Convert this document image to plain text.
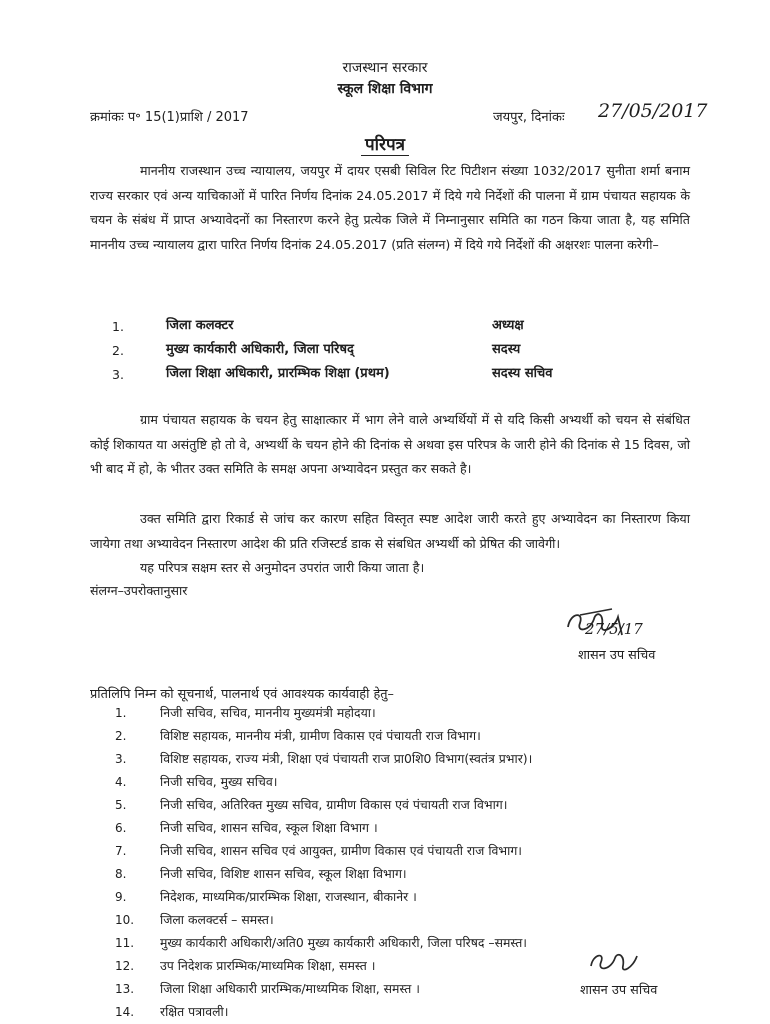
राजस्थान सरकार
स्कूल शिक्षा विभाग
क्रमांकः प॰ 15(1)प्राशि / 2017	जयपुर, दिनांकः 27/05/2017
परिपत्र
माननीय राजस्थान उच्च न्यायालय, जयपुर में दायर एसबी सिविल रिट पिटीशन संख्या 1032/2017 सुनीता शर्मा बनाम राज्य सरकार एवं अन्य याचिकाओं में पारित निर्णय दिनांक 24.05.2017 में दिये गये निर्देशों की पालना में ग्राम पंचायत सहायक के चयन के संबंध में प्राप्त अभ्यावेदनों का निस्तारण करने हेतु प्रत्येक जिले में निम्नानुसार समिति का गठन किया जाता है, यह समिति माननीय उच्च न्यायालय द्वारा पारित निर्णय दिनांक 24.05.2017 (प्रति संलग्न) में दिये गये निर्देशों की अक्षरशः पालना करेगी–
1.	जिला कलक्टर	अध्यक्ष
2.	मुख्य कार्यकारी अधिकारी, जिला परिषद्	सदस्य
3.	जिला शिक्षा अधिकारी, प्रारम्भिक शिक्षा (प्रथम)	सदस्य सचिव
ग्राम पंचायत सहायक के चयन हेतु साक्षात्कार में भाग लेने वाले अभ्यर्थियों में से यदि किसी अभ्यर्थी को चयन से संबंधित कोई शिकायत या असंतुष्टि हो तो वे, अभ्यर्थी के चयन होने की दिनांक से अथवा इस परिपत्र के जारी होने की दिनांक से 15 दिवस, जो भी बाद में हो, के भीतर उक्त समिति के समक्ष अपना अभ्यावेदन प्रस्तुत कर सकते है।
उक्त समिति द्वारा रिकार्ड से जांच कर कारण सहित विस्तृत स्पष्ट आदेश जारी करते हुए अभ्यावेदन का निस्तारण किया जायेगा तथा अभ्यावेदन निस्तारण आदेश की प्रति रजिस्टर्ड डाक से संबधित अभ्यर्थी को प्रेषित की जावेगी।
यह परिपत्र सक्षम स्तर से अनुमोदन उपरांत जारी किया जाता है।
संलग्न–उपरोक्तानुसार
27/5/17
शासन उप सचिव
प्रतिलिपि निम्न को सूचनार्थ, पालनार्थ एवं आवश्यक कार्यवाही हेतु–
1.	निजी सचिव, सचिव, माननीय मुख्यमंत्री महोदया।
2.	विशिष्ट सहायक, माननीय मंत्री, ग्रामीण विकास एवं पंचायती राज विभाग।
3.	विशिष्ट सहायक, राज्य मंत्री, शिक्षा एवं पंचायती राज प्रा0शि0 विभाग(स्वतंत्र प्रभार)।
4.	निजी सचिव, मुख्य सचिव।
5.	निजी सचिव, अतिरिक्त मुख्य सचिव, ग्रामीण विकास एवं पंचायती राज विभाग।
6.	निजी सचिव, शासन सचिव, स्कूल शिक्षा विभाग ।
7.	निजी सचिव, शासन सचिव एवं आयुक्त, ग्रामीण विकास एवं पंचायती राज विभाग।
8.	निजी सचिव, विशिष्ट शासन सचिव, स्कूल शिक्षा विभाग।
9.	निदेशक, माध्यमिक/प्रारम्भिक शिक्षा, राजस्थान, बीकानेर ।
10. जिला कलक्टर्स – समस्त।
11. मुख्य कार्यकारी अधिकारी/अति0 मुख्य कार्यकारी अधिकारी, जिला परिषद –समस्त।
12. उप निदेशक प्रारम्भिक/माध्यमिक शिक्षा, समस्त ।
13. जिला शिक्षा अधिकारी प्रारम्भिक/माध्यमिक शिक्षा, समस्त ।
14. रक्षित पत्रावली।
शासन उप सचिव
